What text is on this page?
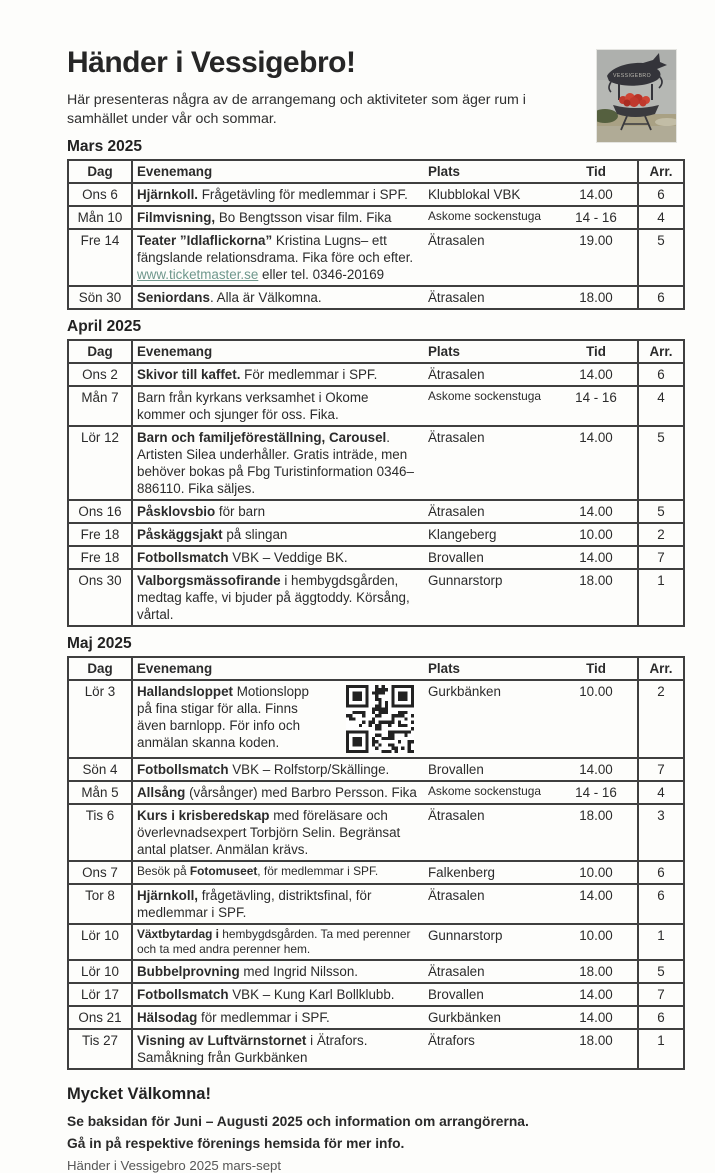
Händer i Vessigebro!
Här presenteras några av de arrangemang och aktiviteter som äger rum i samhället under vår och sommar.
Mars 2025
Dag	Evenemang	Plats	Tid	Arr.
Ons 6	Hjärnkoll. Frågetävling för medlemmar i SPF.	Klubblokal VBK	14.00	6
Mån 10	Filmvisning, Bo Bengtsson visar film. Fika	Askome sockenstuga	14 - 16	4
Fre 14	Teater ”Idlaflickorna” Kristina Lugns– ett fängslande relationsdrama. Fika före och efter. www.ticketmaster.se eller tel. 0346-20169	Ätrasalen	19.00	5
Sön 30	Seniordans. Alla är Välkomna.	Ätrasalen	18.00	6
April 2025
Dag	Evenemang	Plats	Tid	Arr.
Ons 2	Skivor till kaffet. För medlemmar i SPF.	Ätrasalen	14.00	6
Mån 7	Barn från kyrkans verksamhet i Okome kommer och sjunger för oss. Fika.	Askome sockenstuga	14 - 16	4
Lör 12	Barn och familjeföreställning, Carousel. Artisten Silea underhåller. Gratis inträde, men behöver bokas på Fbg Turistinformation 0346–886110. Fika säljes.	Ätrasalen	14.00	5
Ons 16	Påsklovsbio för barn	Ätrasalen	14.00	5
Fre 18	Påskäggsjakt på slingan	Klangeberg	10.00	2
Fre 18	Fotbollsmatch VBK – Veddige BK.	Brovallen	14.00	7
Ons 30	Valborgsmässofirande i hembygdsgården, medtag kaffe, vi bjuder på äggtoddy. Körsång, vårtal.	Gunnarstorp	18.00	1
Maj 2025
Dag	Evenemang	Plats	Tid	Arr.
Lör 3	Hallandsloppet Motionslopp på fina stigar för alla. Finns även barnlopp. För info och anmälan skanna koden.	Gurkbänken	10.00	2
Sön 4	Fotbollsmatch VBK – Rolfstorp/Skällinge.	Brovallen	14.00	7
Mån 5	Allsång (vårsånger) med Barbro Persson. Fika	Askome sockenstuga	14 - 16	4
Tis 6	Kurs i krisberedskap med föreläsare och överlevnadsexpert Torbjörn Selin. Begränsat antal platser. Anmälan krävs.	Ätrasalen	18.00	3
Ons 7	Besök på Fotomuseet, för medlemmar i SPF.	Falkenberg	10.00	6
Tor 8	Hjärnkoll, frågetävling, distriktsfinal, för medlemmar i SPF.	Ätrasalen	14.00	6
Lör 10	Växtbytardag i hembygdsgården. Ta med perenner och ta med andra perenner hem.	Gunnarstorp	10.00	1
Lör 10	Bubbelprovning med Ingrid Nilsson.	Ätrasalen	18.00	5
Lör 17	Fotbollsmatch VBK – Kung Karl Bollklubb.	Brovallen	14.00	7
Ons 21	Hälsodag för medlemmar i SPF.	Gurkbänken	14.00	6
Tis 27	Visning av Luftvärnstornet i Ätrafors. Samåkning från Gurkbänken	Ätrafors	18.00	1
Mycket Välkomna!
Se baksidan för Juni – Augusti 2025 och information om arrangörerna.
Gå in på respektive förenings hemsida för mer info.
Händer i Vessigebro 2025 mars-sept
VESSIGEBRO
